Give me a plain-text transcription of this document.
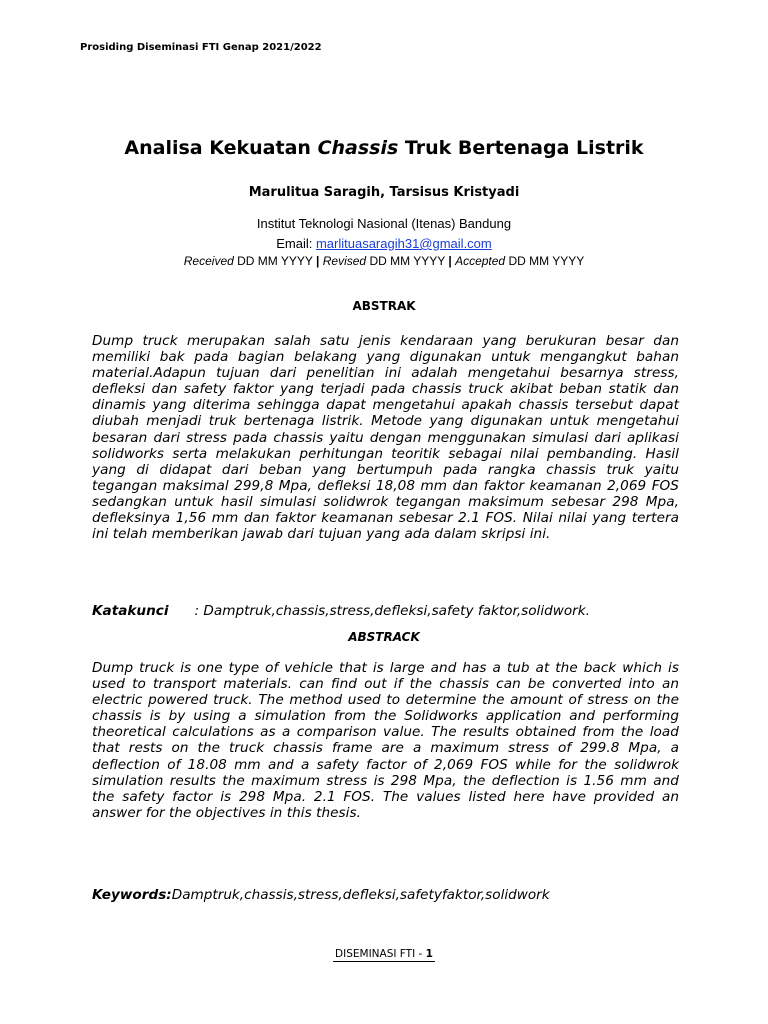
Prosiding Diseminasi FTI Genap 2021/2022
Analisa Kekuatan Chassis Truk Bertenaga Listrik
Marulitua Saragih, Tarsisus Kristyadi
Institut Teknologi Nasional (Itenas) Bandung
Email: marlituasaragih31@gmail.com
Received DD MM YYYY | Revised DD MM YYYY | Accepted DD MM YYYY
ABSTRAK
Dump truck merupakan salah satu jenis kendaraan yang berukuran besar dan memiliki bak pada bagian belakang yang digunakan untuk mengangkut bahan material.Adapun tujuan dari penelitian ini adalah mengetahui besarnya stress, defleksi dan safety faktor yang terjadi pada chassis truck akibat beban statik dan dinamis yang diterima sehingga dapat mengetahui apakah chassis tersebut dapat diubah menjadi truk bertenaga listrik. Metode yang digunakan untuk mengetahui besaran dari stress pada chassis yaitu dengan menggunakan simulasi dari aplikasi solidworks serta melakukan perhitungan teoritik sebagai nilai pembanding. Hasil yang di didapat dari beban yang bertumpuh pada rangka chassis truk yaitu tegangan maksimal 299,8 Mpa, defleksi 18,08 mm dan faktor keamanan 2,069 FOS sedangkan untuk hasil simulasi solidwrok tegangan maksimum sebesar 298 Mpa, defleksinya 1,56 mm dan faktor keamanan sebesar 2.1 FOS. Nilai nilai yang tertera ini telah memberikan jawab dari tujuan yang ada dalam skripsi ini.
Katakunci : Damptruk,chassis,stress,defleksi,safety faktor,solidwork.
ABSTRACK
Dump truck is one type of vehicle that is large and has a tub at the back which is used to transport materials. can find out if the chassis can be converted into an electric powered truck. The method used to determine the amount of stress on the chassis is by using a simulation from the Solidworks application and performing theoretical calculations as a comparison value. The results obtained from the load that rests on the truck chassis frame are a maximum stress of 299.8 Mpa, a deflection of 18.08 mm and a safety factor of 2,069 FOS while for the solidwrok simulation results the maximum stress is 298 Mpa, the deflection is 1.56 mm and the safety factor is 298 Mpa. 2.1 FOS. The values listed here have provided an answer for the objectives in this thesis.
Keywords:Damptruk,chassis,stress,defleksi,safetyfaktor,solidwork
DISEMINASI FTI - 1
